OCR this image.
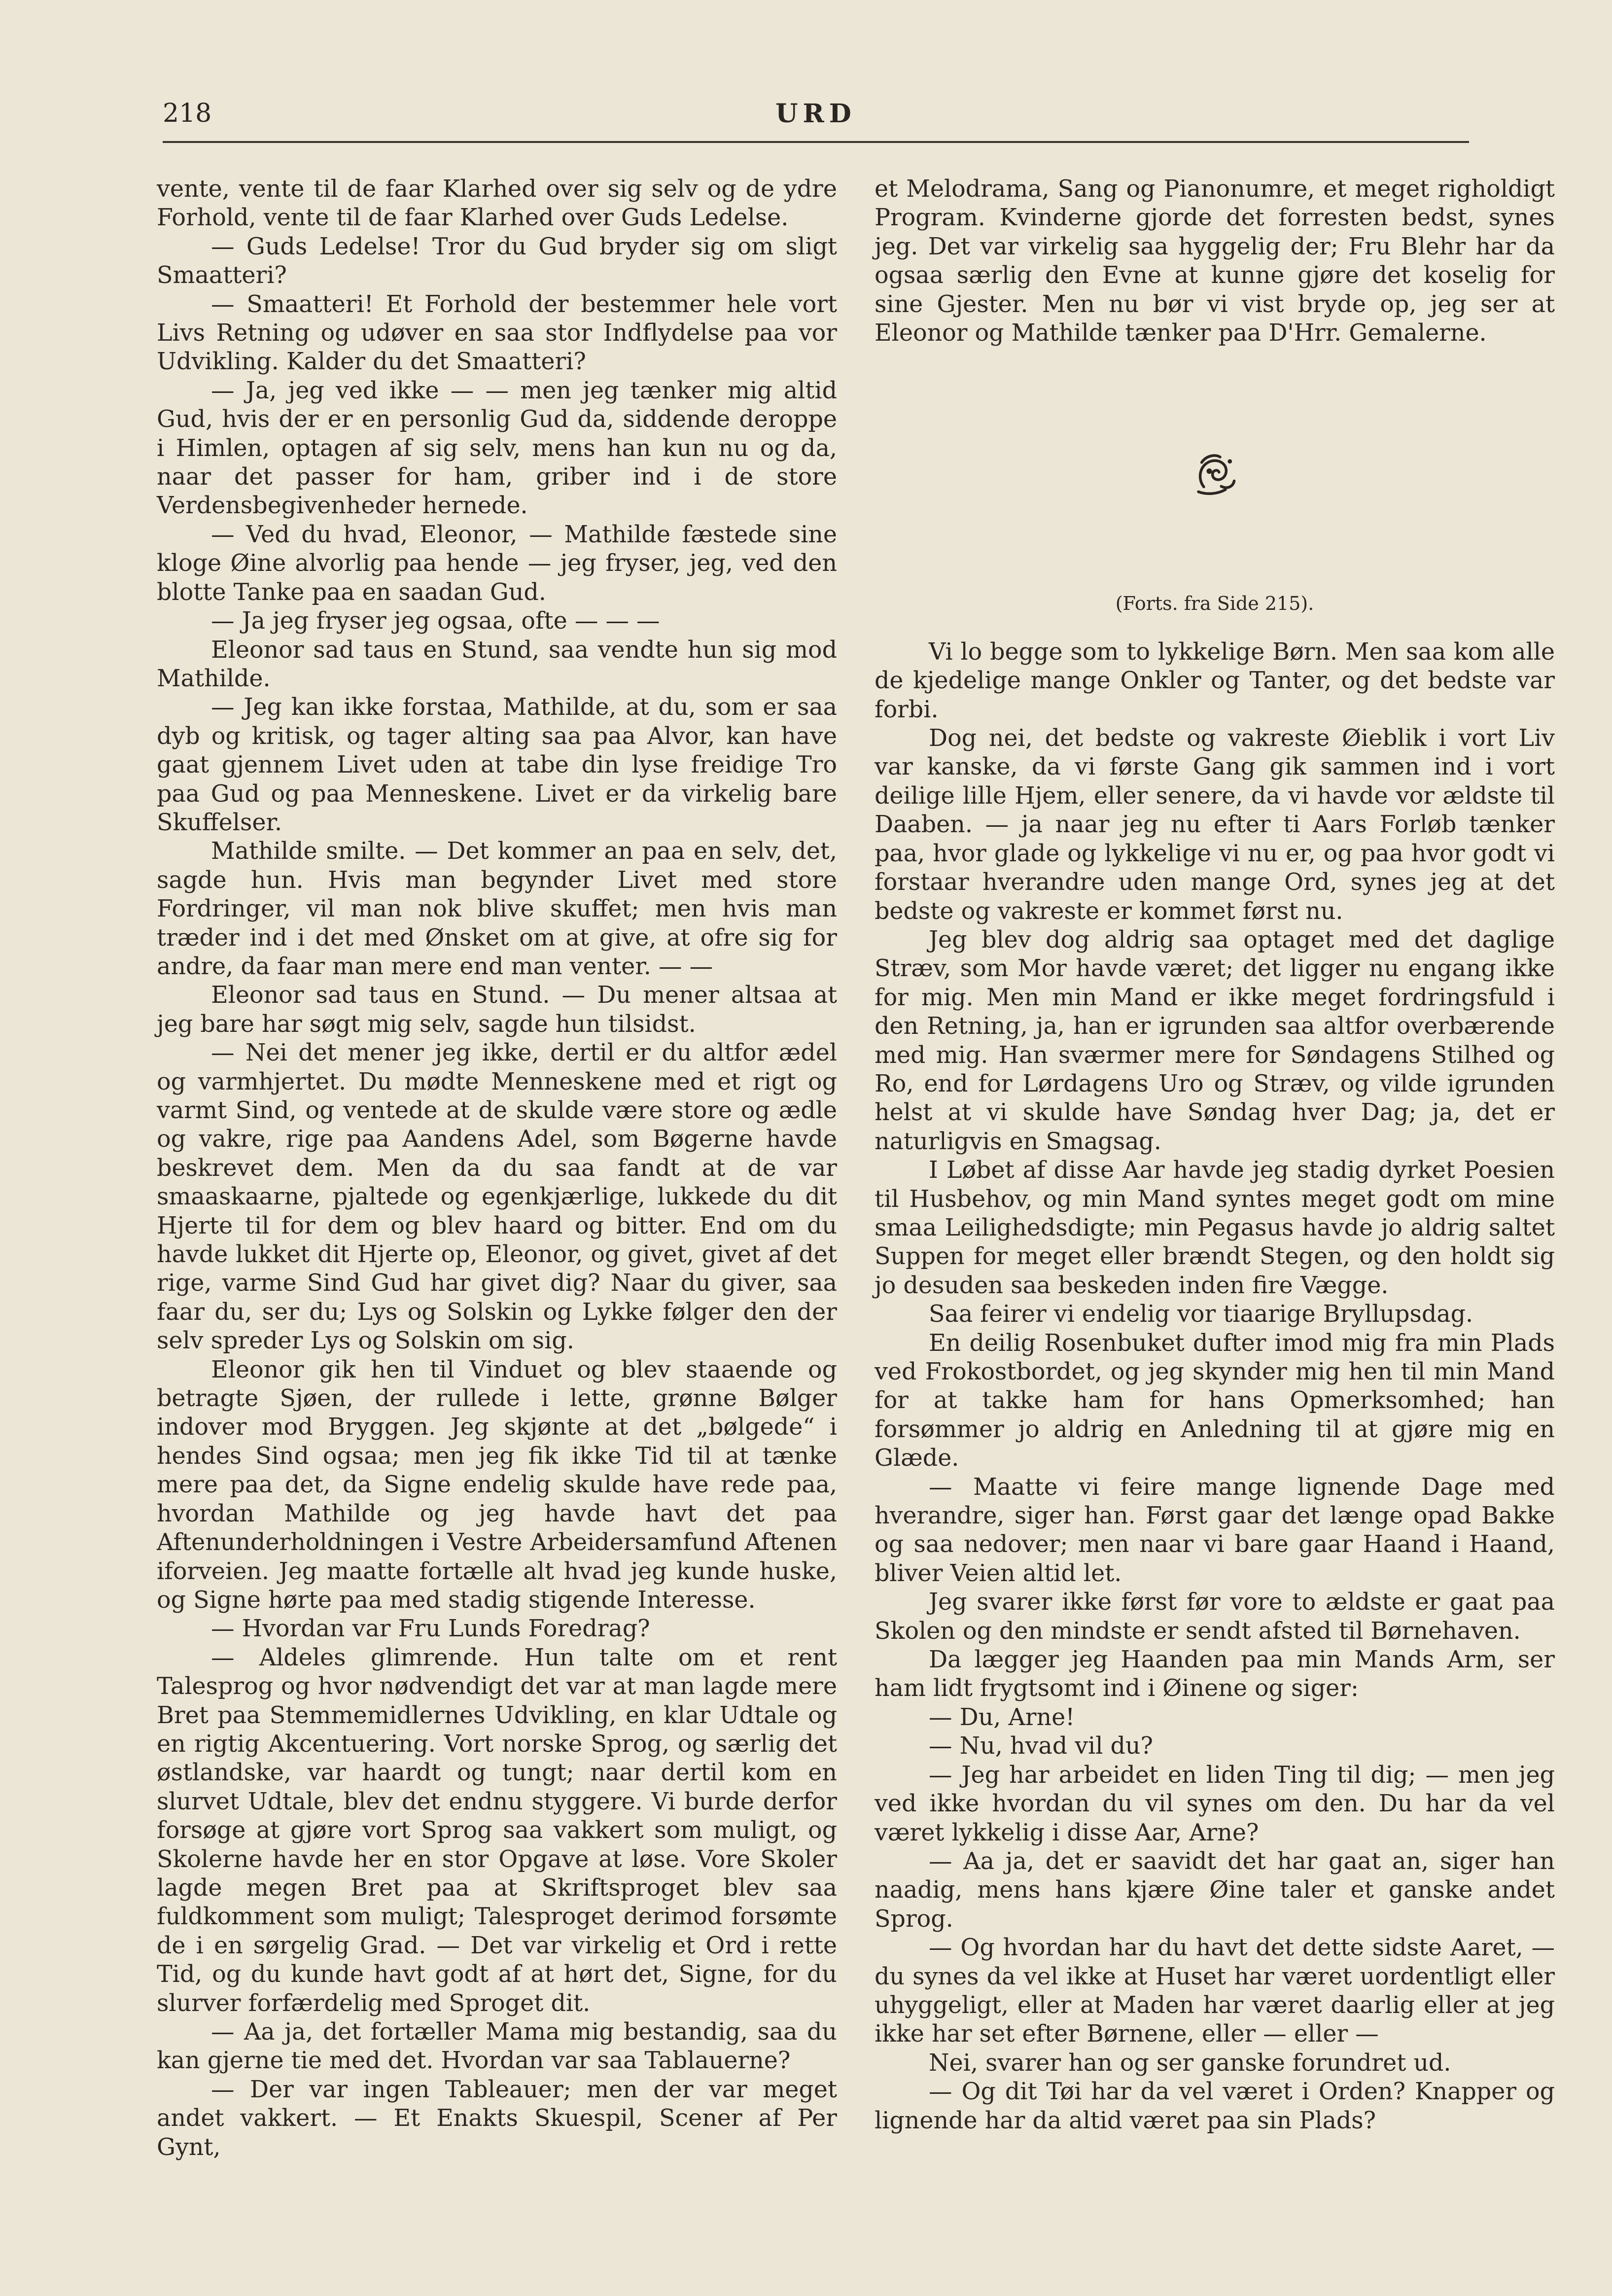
218	URD

vente, vente til de faar Klarhed over sig selv og de ydre Forhold, vente til de faar Klarhed over Guds Ledelse.

— Guds Ledelse! Tror du Gud bryder sig om sligt Smaatteri?

— Smaatteri! Et Forhold der bestemmer hele vort Livs Retning og udøver en saa stor Indflydelse paa vor Udvikling. Kalder du det Smaatteri?

— Ja, jeg ved ikke — — men jeg tænker mig altid Gud, hvis der er en personlig Gud da, siddende deroppe i Himlen, optagen af sig selv, mens han kun nu og da, naar det passer for ham, griber ind i de store Verdensbegivenheder hernede.

— Ved du hvad, Eleonor, — Mathilde fæstede sine kloge Øine alvorlig paa hende — jeg fryser, jeg, ved den blotte Tanke paa en saadan Gud.

— Ja jeg fryser jeg ogsaa, ofte — — —

Eleonor sad taus en Stund, saa vendte hun sig mod Mathilde.

— Jeg kan ikke forstaa, Mathilde, at du, som er saa dyb og kritisk, og tager alting saa paa Alvor, kan have gaat gjennem Livet uden at tabe din lyse freidige Tro paa Gud og paa Menneskene. Livet er da virkelig bare Skuffelser.

Mathilde smilte. — Det kommer an paa en selv, det, sagde hun. Hvis man begynder Livet med store Fordringer, vil man nok blive skuffet; men hvis man træder ind i det med Ønsket om at give, at ofre sig for andre, da faar man mere end man venter. — —

Eleonor sad taus en Stund. — Du mener altsaa at jeg bare har søgt mig selv, sagde hun tilsidst.

— Nei det mener jeg ikke, dertil er du altfor ædel og varmhjertet. Du mødte Menneskene med et rigt og varmt Sind, og ventede at de skulde være store og ædle og vakre, rige paa Aandens Adel, som Bøgerne havde beskrevet dem. Men da du saa fandt at de var smaaskaarne, pjaltede og egenkjærlige, lukkede du dit Hjerte til for dem og blev haard og bitter. End om du havde lukket dit Hjerte op, Eleonor, og givet, givet af det rige, varme Sind Gud har givet dig? Naar du giver, saa faar du, ser du; Lys og Solskin og Lykke følger den der selv spreder Lys og Solskin om sig.

Eleonor gik hen til Vinduet og blev staaende og betragte Sjøen, der rullede i lette, grønne Bølger indover mod Bryggen. Jeg skjønte at det „bølgede“ i hendes Sind ogsaa; men jeg fik ikke Tid til at tænke mere paa det, da Signe endelig skulde have rede paa, hvordan Mathilde og jeg havde havt det paa Aftenunderholdningen i Vestre Arbeidersamfund Aftenen iforveien. Jeg maatte fortælle alt hvad jeg kunde huske, og Signe hørte paa med stadig stigende Interesse.

— Hvordan var Fru Lunds Foredrag?

— Aldeles glimrende. Hun talte om et rent Talesprog og hvor nødvendigt det var at man lagde mere Bret paa Stemmemidlernes Udvikling, en klar Udtale og en rigtig Akcentuering. Vort norske Sprog, og særlig det østlandske, var haardt og tungt; naar dertil kom en slurvet Udtale, blev det endnu styggere. Vi burde derfor forsøge at gjøre vort Sprog saa vakkert som muligt, og Skolerne havde her en stor Opgave at løse. Vore Skoler lagde megen Bret paa at Skriftsproget blev saa fuldkomment som muligt; Talesproget derimod forsømte de i en sørgelig Grad. — Det var virkelig et Ord i rette Tid, og du kunde havt godt af at hørt det, Signe, for du slurver forfærdelig med Sproget dit.

— Aa ja, det fortæller Mama mig bestandig, saa du kan gjerne tie med det. Hvordan var saa Tablauerne?

— Der var ingen Tableauer; men der var meget andet vakkert. — Et Enakts Skuespil, Scener af Per Gynt,

et Melodrama, Sang og Pianonumre, et meget righoldigt Program. Kvinderne gjorde det forresten bedst, synes jeg. Det var virkelig saa hyggelig der; Fru Blehr har da ogsaa særlig den Evne at kunne gjøre det koselig for sine Gjester. Men nu bør vi vist bryde op, jeg ser at Eleonor og Mathilde tænker paa D'Hrr. Gemalerne.

(Forts. fra Side 215).

Vi lo begge som to lykkelige Børn. Men saa kom alle de kjedelige mange Onkler og Tanter, og det bedste var forbi.

Dog nei, det bedste og vakreste Øieblik i vort Liv var kanske, da vi første Gang gik sammen ind i vort deilige lille Hjem, eller senere, da vi havde vor ældste til Daaben. — ja naar jeg nu efter ti Aars Forløb tænker paa, hvor glade og lykkelige vi nu er, og paa hvor godt vi forstaar hverandre uden mange Ord, synes jeg at det bedste og vakreste er kommet først nu.

Jeg blev dog aldrig saa optaget med det daglige Stræv, som Mor havde været; det ligger nu engang ikke for mig. Men min Mand er ikke meget fordringsfuld i den Retning, ja, han er igrunden saa altfor overbærende med mig. Han sværmer mere for Søndagens Stilhed og Ro, end for Lørdagens Uro og Stræv, og vilde igrunden helst at vi skulde have Søndag hver Dag; ja, det er naturligvis en Smagsag.

I Løbet af disse Aar havde jeg stadig dyrket Poesien til Husbehov, og min Mand syntes meget godt om mine smaa Leilighedsdigte; min Pegasus havde jo aldrig saltet Suppen for meget eller brændt Stegen, og den holdt sig jo desuden saa beskeden inden fire Vægge.

Saa feirer vi endelig vor tiaarige Bryllupsdag.

En deilig Rosenbuket dufter imod mig fra min Plads ved Frokostbordet, og jeg skynder mig hen til min Mand for at takke ham for hans Opmerksomhed; han forsømmer jo aldrig en Anledning til at gjøre mig en Glæde.

— Maatte vi feire mange lignende Dage med hverandre, siger han. Først gaar det længe opad Bakke og saa nedover; men naar vi bare gaar Haand i Haand, bliver Veien altid let.

Jeg svarer ikke først før vore to ældste er gaat paa Skolen og den mindste er sendt afsted til Børnehaven.

Da lægger jeg Haanden paa min Mands Arm, ser ham lidt frygtsomt ind i Øinene og siger:

— Du, Arne!

— Nu, hvad vil du?

— Jeg har arbeidet en liden Ting til dig; — men jeg ved ikke hvordan du vil synes om den. Du har da vel været lykkelig i disse Aar, Arne?

— Aa ja, det er saavidt det har gaat an, siger han naadig, mens hans kjære Øine taler et ganske andet Sprog.

— Og hvordan har du havt det dette sidste Aaret, — du synes da vel ikke at Huset har været uordentligt eller uhyggeligt, eller at Maden har været daarlig eller at jeg ikke har set efter Børnene, eller — eller —

Nei, svarer han og ser ganske forundret ud.

— Og dit Tøi har da vel været i Orden? Knapper og lignende har da altid været paa sin Plads?
